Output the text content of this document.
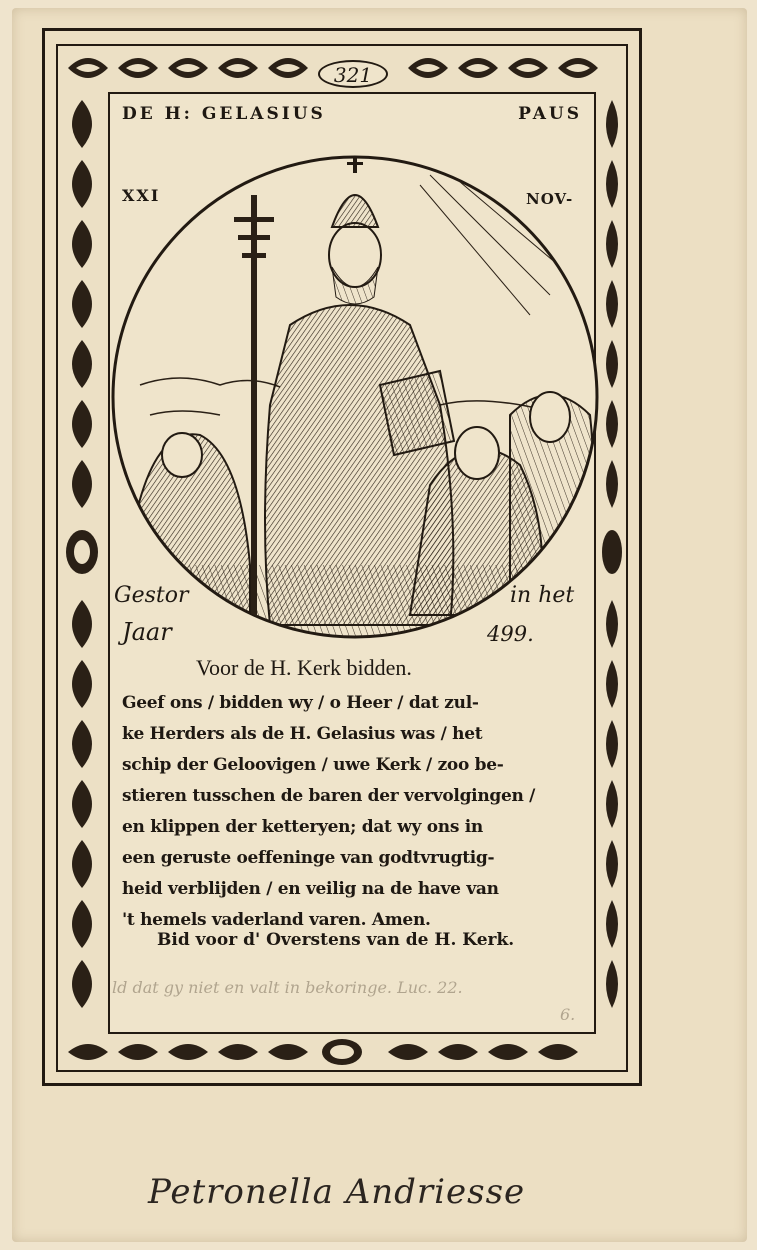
321
DE H: GELASIUS	PAUS
XXI	NOV-
Gestor	in het
Jaar	499.
Voor de H. Kerk bidden.
Geef ons / bidden wy / o Heer / dat zul-
ke Herders als de H. Gelasius was / het
schip der Geloovigen / uwe Kerk / zoo be-
stieren tusschen de baren der vervolgingen /
en klippen der ketteryen; dat wy ons in
een geruste oeffeninge van godtvrugtig-
heid verblijden / en veilig na de have van
't hemels vaderland varen. Amen.
Bid voor d' Overstens van de H. Kerk.
ld dat gy niet en valt in bekoringe. Luc. 22.
6.
Petronella Andriesse
